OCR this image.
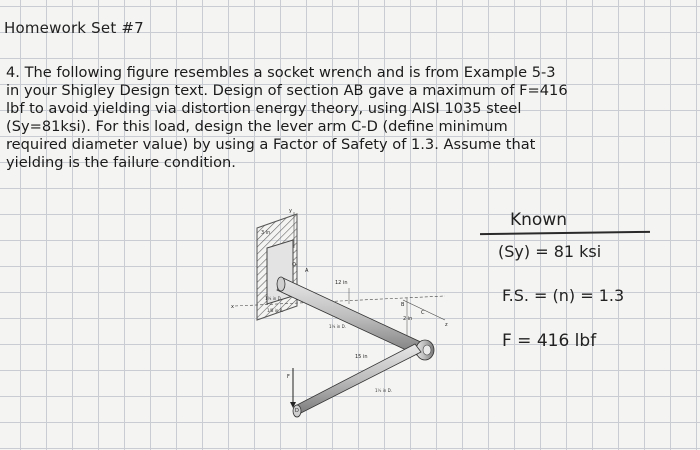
Homework Set #7
4. The following figure resembles a socket wrench and is from Example 5-3
in your Shigley Design text. Design of section AB gave a maximum of F=416
lbf to avoid yielding via distortion energy theory, using AISI 1035 steel
(Sy=81ksi). For this load, design the lever arm C-D (define minimum
required diameter value) by using a Factor of Safety of 1.3. Assume that
yielding is the failure condition.
3 in
O
A
x
y
z
12 in
C
B
2 in
15 in
D
F
1¼ in D.
1/8 in R.
1¼ in D.
1½ in D.
Known
(Sy) = 81 ksi
F.S. = (n) = 1.3
F = 416 lbf
